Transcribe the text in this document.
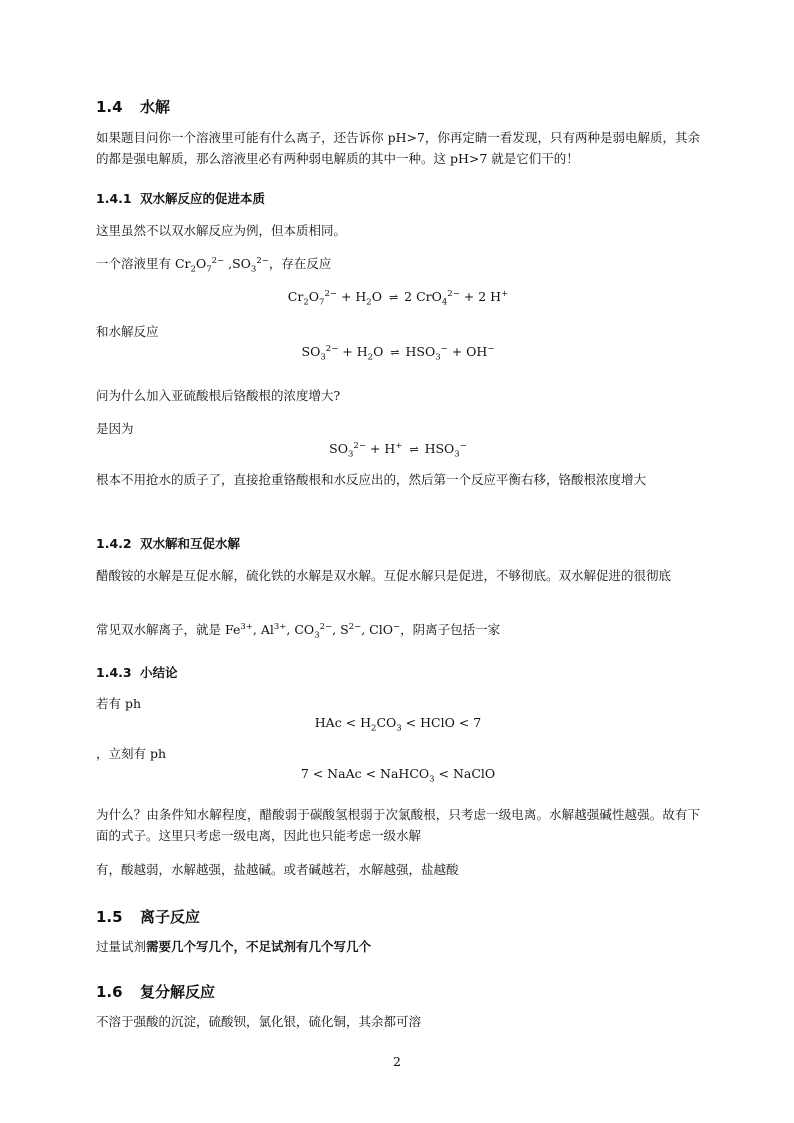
1.4 水解
如果题目问你一个溶液里可能有什么离子，还告诉你 pH>7，你再定睛一看发现，只有两种是弱电解质，其余的都是强电解质，那么溶液里必有两种弱电解质的其中一种。这 pH>7 就是它们干的！
1.4.1 双水解反应的促进本质
这里虽然不以双水解反应为例，但本质相同。
一个溶液里有 $Cr_2O_7^{2-}$ $,SO_3^{2-}$，存在反应
$Cr_2O_7^{2-} + H_2O$ ⇌ 2 CrO$_4^{2-}$ + 2 H+
和水解反应
$SO_3^{2-} + H_2O$ ⇌ $HSO_3^- + OH^-$
问为什么加入亚硫酸根后铬酸根的浓度增大?
是因为
$SO_3^{2-} + H^+$ ⇌ $HSO_3^-$
根本不用抢水的质子了，直接抢重铬酸根和水反应出的，然后第一个反应平衡右移，铬酸根浓度增大
1.4.2 双水解和互促水解
醋酸铵的水解是互促水解，硫化铁的水解是双水解。互促水解只是促进，不够彻底。双水解促进的很彻底
常见双水解离子，就是 $Fe^{3+}$, $Al^{3+}$, $CO_3^{2-}$, $S^{2-}$, ClO−，阴离子包括一家
1.4.3 小结论
若有 ph
HAc < $H_2CO_3$ < HClO < 7
，立刻有 ph
7 < NaAc < NaHCO$_3$ < NaClO
为什么？由条件知水解程度，醋酸弱于碳酸氢根弱于次氯酸根，只考虑一级电离。水解越强碱性越强。故有下面的式子。这里只考虑一级电离，因此也只能考虑一级水解
有，酸越弱，水解越强，盐越碱。或者碱越若，水解越强，盐越酸
1.5 离子反应
过量试剂需要几个写几个，不足试剂有几个写几个
1.6 复分解反应
不溶于强酸的沉淀，硫酸钡，氯化银，硫化铜，其余都可溶
2
